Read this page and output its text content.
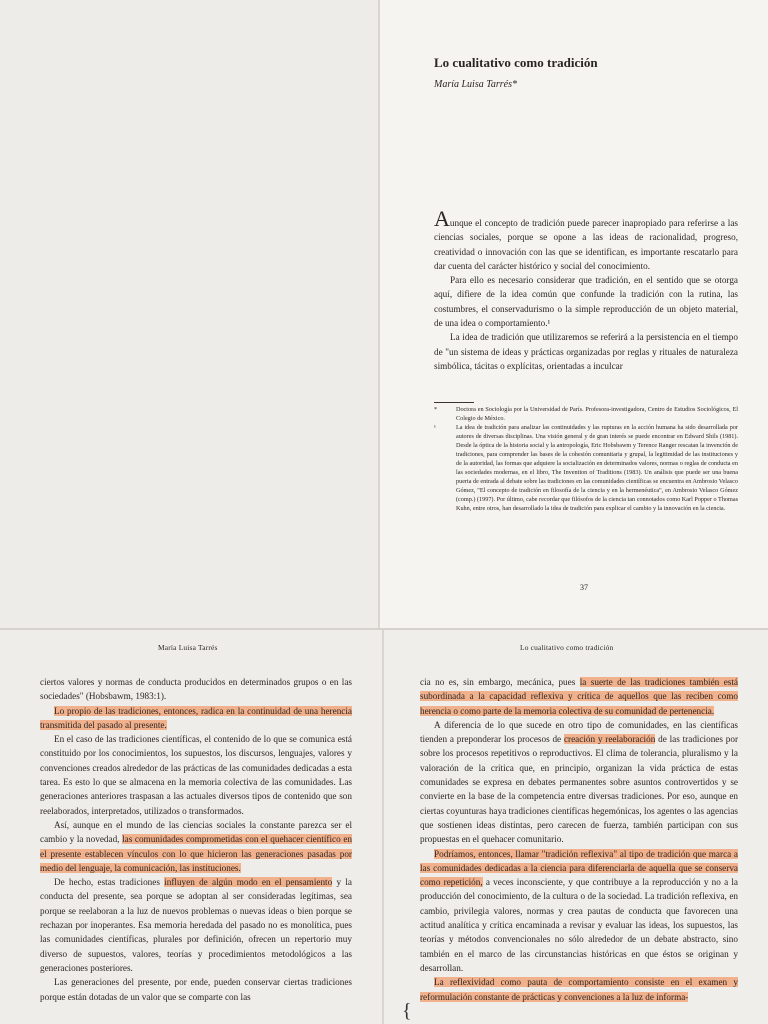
Lo cualitativo como tradición

María Luisa Tarrés*

Aunque el concepto de tradición puede parecer inapropiado para referirse a las ciencias sociales, porque se opone a las ideas de racionalidad, progreso, creatividad o innovación con las que se identifican, es importante rescatarlo para dar cuenta del carácter histórico y social del conocimiento.

Para ello es necesario considerar que tradición, en el sentido que se otorga aquí, difiere de la idea común que confunde la tradición con la rutina, las costumbres, el conservadurismo o la simple reproducción de un objeto material, de una idea o comportamiento.¹

La idea de tradición que utilizaremos se referirá a la persistencia en el tiempo de "un sistema de ideas y prácticas organizadas por reglas y rituales de naturaleza simbólica, tácitas o explícitas, orientadas a inculcar

*	Doctora en Sociología por la Universidad de París. Profesora-investigadora, Centro de Estudios Sociológicos, El Colegio de México.
¹	La idea de tradición para analizar las continuidades y las rupturas en la acción humana ha sido desarrollada por autores de diversas disciplinas. Una visión general y de gran interés se puede encontrar en Edward Shils (1981). Desde la óptica de la historia social y la antropología, Eric Hobsbawm y Terence Ranger rescatan la invención de tradiciones, para comprender las bases de la cohesión comunitaria y grupal, la legitimidad de las instituciones y de la autoridad, las formas que adquiere la socialización en determinados valores, normas o reglas de conducta en las sociedades modernas, en el libro, The Invention of Traditions (1983). Un análisis que puede ser una buena puerta de entrada al debate sobre las tradiciones en las comunidades científicas se encuentra en Ambrosio Velasco Gómez, "El concepto de tradición en filosofía de la ciencia y en la hermenéutica", en Ambrosio Velasco Gómez (comp.) (1997). Por último, cabe recordar que filósofos de la ciencia tan connotados como Karl Popper o Thomas Kuhn, entre otros, han desarrollado la idea de tradición para explicar el cambio y la innovación en la ciencia.
37
María Luisa Tarrés

ciertos valores y normas de conducta producidos en determinados grupos o en las sociedades" (Hobsbawm, 1983:1).

Lo propio de las tradiciones, entonces, radica en la continuidad de una herencia transmitida del pasado al presente.

En el caso de las tradiciones científicas, el contenido de lo que se comunica está constituido por los conocimientos, los supuestos, los discursos, lenguajes, valores y convenciones creados alrededor de las prácticas de las comunidades dedicadas a esta tarea. Es esto lo que se almacena en la memoria colectiva de las comunidades. Las generaciones anteriores traspasan a las actuales diversos tipos de contenido que son reelaborados, interpretados, utilizados o transformados.

Así, aunque en el mundo de las ciencias sociales la constante parezca ser el cambio y la novedad, las comunidades comprometidas con el quehacer científico en el presente establecen vínculos con lo que hicieron las generaciones pasadas por medio del lenguaje, la comunicación, las instituciones.

De hecho, estas tradiciones influyen de algún modo en el pensamiento y la conducta del presente, sea porque se adoptan al ser consideradas legítimas, sea porque se reelaboran a la luz de nuevos problemas o nuevas ideas o bien porque se rechazan por inoperantes. Esa memoria heredada del pasado no es monolítica, pues las comunidades científicas, plurales por definición, ofrecen un repertorio muy diverso de supuestos, valores, teorías y procedimientos metodológicos a las generaciones posteriores.

Las generaciones del presente, por ende, pueden conservar ciertas tradiciones porque están dotadas de un valor que se comparte con las

Lo cualitativo como tradición

cia no es, sin embargo, mecánica, pues la suerte de las tradiciones también está subordinada a la capacidad reflexiva y crítica de aquellos que las reciben como herencia o como parte de la memoria colectiva de su comunidad de pertenencia.

A diferencia de lo que sucede en otro tipo de comunidades, en las científicas tienden a preponderar los procesos de creación y reelaboración de las tradiciones por sobre los procesos repetitivos o reproductivos. El clima de tolerancia, pluralismo y la valoración de la crítica que, en principio, organizan la vida práctica de estas comunidades se expresa en debates permanentes sobre asuntos controvertidos y se convierte en la base de la competencia entre diversas tradiciones. Por eso, aunque en ciertas coyunturas haya tradiciones científicas hegemónicas, los agentes o las agencias que sostienen ideas distintas, pero carecen de fuerza, también participan con sus propuestas en el quehacer comunitario.

Podríamos, entonces, llamar "tradición reflexiva" al tipo de tradición que marca a las comunidades dedicadas a la ciencia para diferenciarla de aquella que se conserva como repetición, a veces inconsciente, y que contribuye a la reproducción y no a la producción del conocimiento, de la cultura o de la sociedad. La tradición reflexiva, en cambio, privilegia valores, normas y crea pautas de conducta que favorecen una actitud analítica y crítica encaminada a revisar y evaluar las ideas, los supuestos, las teorías y métodos convencionales no sólo alrededor de un debate abstracto, sino también en el marco de las circunstancias históricas en que éstos se originan y desarrollan.

La reflexividad como pauta de comportamiento consiste en el examen y reformulación constante de prácticas y convenciones a la luz de informa-

{
